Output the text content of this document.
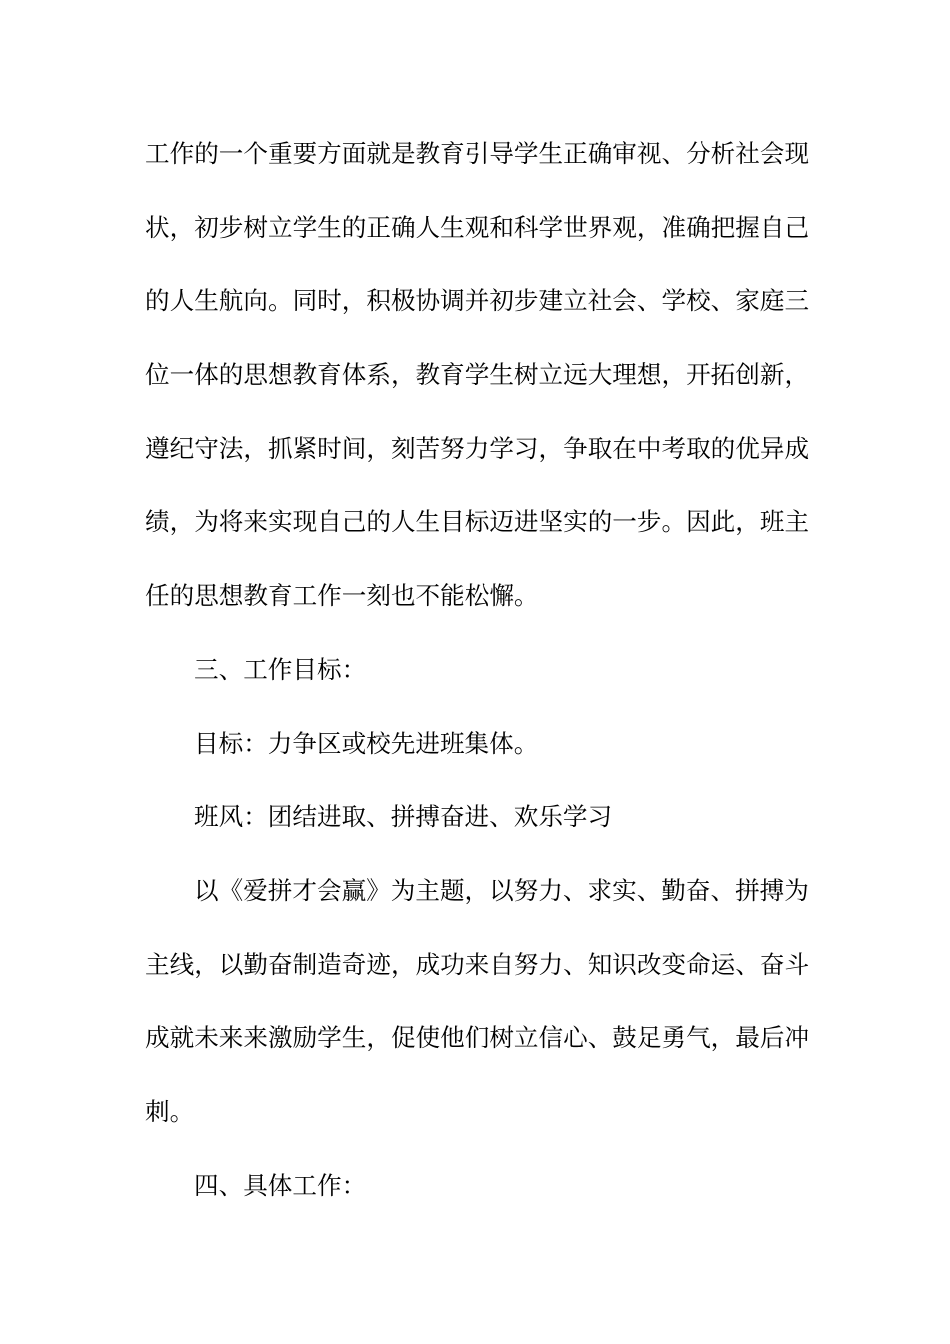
工作的一个重要方面就是教育引导学生正确审视、分析社会现
状，初步树立学生的正确人生观和科学世界观，准确把握自己
的人生航向。同时，积极协调并初步建立社会、学校、家庭三
位一体的思想教育体系，教育学生树立远大理想，开拓创新，
遵纪守法，抓紧时间，刻苦努力学习，争取在中考取的优异成
绩，为将来实现自己的人生目标迈进坚实的一步。因此，班主
任的思想教育工作一刻也不能松懈。
三、工作目标：
目标：力争区或校先进班集体。
班风：团结进取、拼搏奋进、欢乐学习
以《爱拼才会赢》为主题，以努力、求实、勤奋、拼搏为
主线，以勤奋制造奇迹，成功来自努力、知识改变命运、奋斗
成就未来来激励学生，促使他们树立信心、鼓足勇气，最后冲
刺。
四、具体工作：
